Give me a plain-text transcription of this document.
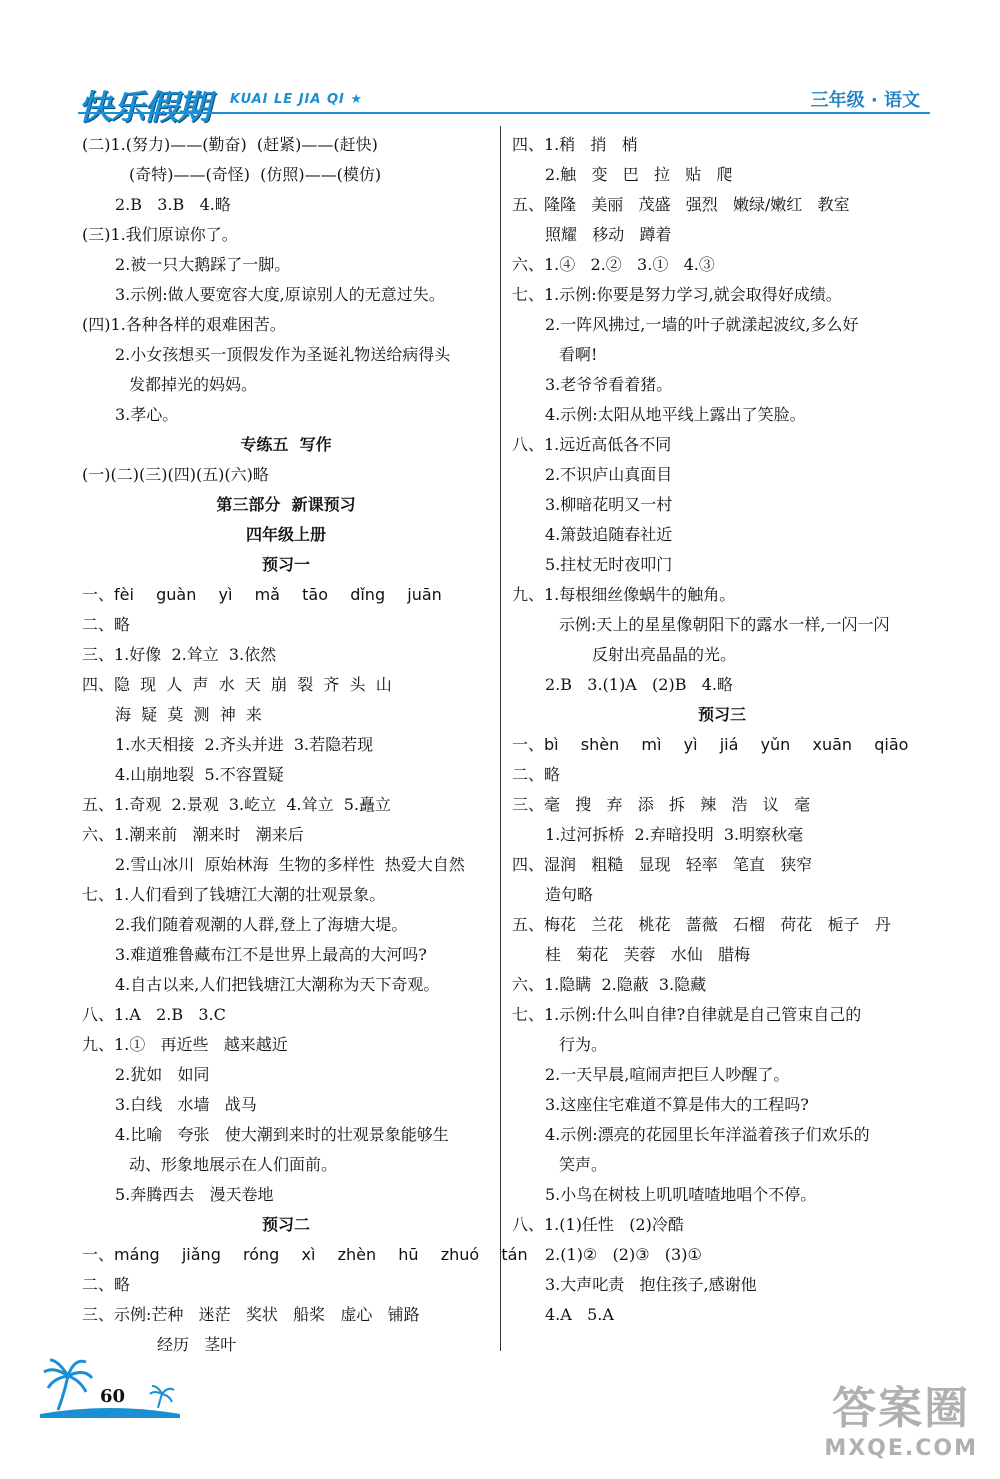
快乐假期 KUAI LE JIA QI ★	三年级 · 语文
(二)1.(努力)——(勤奋)  (赶紧)——(赶快)
(奇特)——(奇怪)  (仿照)——(模仿)
2.B   3.B   4.略
(三)1.我们原谅你了。
2.被一只大鹅踩了一脚。
3.示例:做人要宽容大度,原谅别人的无意过失。
(四)1.各种各样的艰难困苦。
2.小女孩想买一顶假发作为圣诞礼物送给病得头
发都掉光的妈妈。
3.孝心。
专练五  写作
(一)(二)(三)(四)(五)(六)略
第三部分  新课预习
四年级上册
预习一
一、fèi  guàn  yì  mǎ  tāo  dǐng  juān
二、略
三、1.好像  2.耸立  3.依然
四、隐  现  人  声  水  天  崩  裂  齐  头  山
海  疑  莫  测  神  来
1.水天相接  2.齐头并进  3.若隐若现
4.山崩地裂  5.不容置疑
五、1.奇观  2.景观  3.屹立  4.耸立  5.矗立
六、1.潮来前   潮来时   潮来后
2.雪山冰川  原始林海  生物的多样性  热爱大自然
七、1.人们看到了钱塘江大潮的壮观景象。
2.我们随着观潮的人群,登上了海塘大堤。
3.难道雅鲁藏布江不是世界上最高的大河吗?
4.自古以来,人们把钱塘江大潮称为天下奇观。
八、1.A   2.B   3.C
九、1.①   再近些   越来越近
2.犹如   如同
3.白线   水墙   战马
4.比喻   夸张   使大潮到来时的壮观景象能够生
动、形象地展示在人们面前。
5.奔腾西去   漫天卷地
预习二
一、máng  jiǎng  róng  xì  zhèn  hū  zhuó  tán
二、略
三、示例:芒种   迷茫   奖状   船桨   虚心   铺路
经历   茎叶
四、1.稍   捎   梢
2.触   变   巴   拉   贴   爬
五、隆隆   美丽   茂盛   强烈   嫩绿/嫩红   教室
照耀   移动   蹲着
六、1.④   2.②   3.①   4.③
七、1.示例:你要是努力学习,就会取得好成绩。
2.一阵风拂过,一墙的叶子就漾起波纹,多么好
看啊!
3.老爷爷看着猪。
4.示例:太阳从地平线上露出了笑脸。
八、1.远近高低各不同
2.不识庐山真面目
3.柳暗花明又一村
4.箫鼓追随春社近
5.拄杖无时夜叩门
九、1.每根细丝像蜗牛的触角。
示例:天上的星星像朝阳下的露水一样,一闪一闪
反射出亮晶晶的光。
2.B   3.(1)A   (2)B   4.略
预习三
一、bì  shèn  mì  yì  jiá  yǔn  xuān  qiāo
二、略
三、毫   搜   弃   添   拆   辣   浩   议   毫
1.过河拆桥  2.弃暗投明  3.明察秋毫
四、湿润   粗糙   显现   轻率   笔直   狭窄
造句略
五、梅花   兰花   桃花   蔷薇   石榴   荷花   栀子   丹
桂   菊花   芙蓉   水仙   腊梅
六、1.隐瞒  2.隐蔽  3.隐藏
七、1.示例:什么叫自律?自律就是自己管束自己的
行为。
2.一天早晨,喧闹声把巨人吵醒了。
3.这座住宅难道不算是伟大的工程吗?
4.示例:漂亮的花园里长年洋溢着孩子们欢乐的
笑声。
5.小鸟在树枝上叽叽喳喳地唱个不停。
八、1.(1)任性   (2)冷酷
2.(1)②   (2)③   (3)①
3.大声叱责   抱住孩子,感谢他
4.A   5.A
60	答案圈
MXQE.COM
